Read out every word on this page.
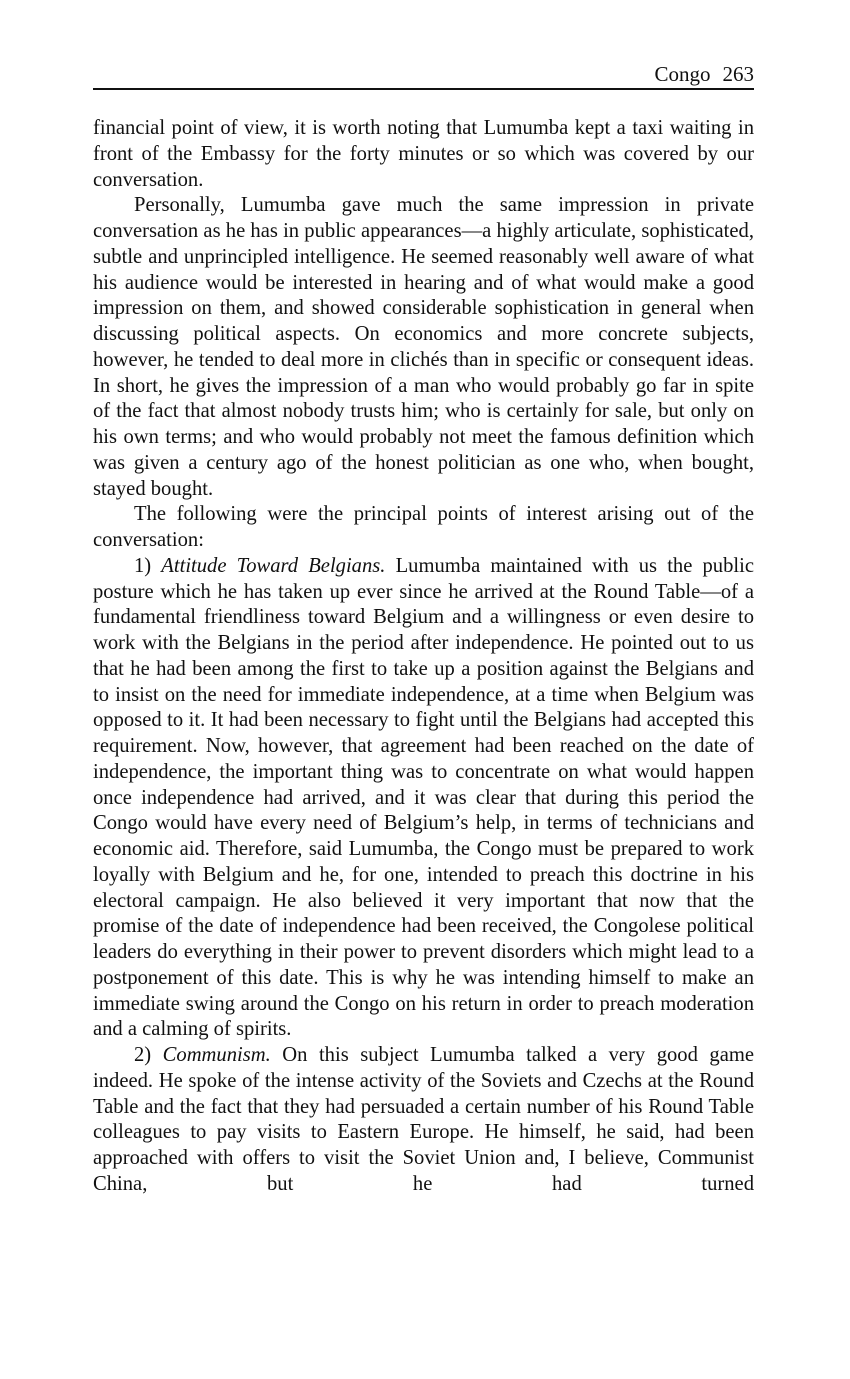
Congo 263

financial point of view, it is worth noting that Lumumba kept a taxi waiting in front of the Embassy for the forty minutes or so which was covered by our conversation.

Personally, Lumumba gave much the same impression in private conversation as he has in public appearances—a highly articulate, sophisticated, subtle and unprincipled intelligence. He seemed reasonably well aware of what his audience would be interested in hearing and of what would make a good impression on them, and showed considerable sophistication in general when discussing political aspects. On economics and more concrete subjects, however, he tended to deal more in clichés than in specific or consequent ideas. In short, he gives the impression of a man who would probably go far in spite of the fact that almost nobody trusts him; who is certainly for sale, but only on his own terms; and who would probably not meet the famous definition which was given a century ago of the honest politician as one who, when bought, stayed bought.

The following were the principal points of interest arising out of the conversation:

1) Attitude Toward Belgians. Lumumba maintained with us the public posture which he has taken up ever since he arrived at the Round Table—of a fundamental friendliness toward Belgium and a willingness or even desire to work with the Belgians in the period after independence. He pointed out to us that he had been among the first to take up a position against the Belgians and to insist on the need for immediate independence, at a time when Belgium was opposed to it. It had been necessary to fight until the Belgians had accepted this requirement. Now, however, that agreement had been reached on the date of independence, the important thing was to concentrate on what would happen once independence had arrived, and it was clear that during this period the Congo would have every need of Belgium’s help, in terms of technicians and economic aid. Therefore, said Lumumba, the Congo must be prepared to work loyally with Belgium and he, for one, intended to preach this doctrine in his electoral campaign. He also believed it very important that now that the promise of the date of independence had been received, the Congolese political leaders do everything in their power to prevent disorders which might lead to a postponement of this date. This is why he was intending himself to make an immediate swing around the Congo on his return in order to preach moderation and a calming of spirits.

2) Communism. On this subject Lumumba talked a very good game indeed. He spoke of the intense activity of the Soviets and Czechs at the Round Table and the fact that they had persuaded a certain number of his Round Table colleagues to pay visits to Eastern Europe. He himself, he said, had been approached with offers to visit the Soviet Union and, I believe, Communist China, but he had turned
